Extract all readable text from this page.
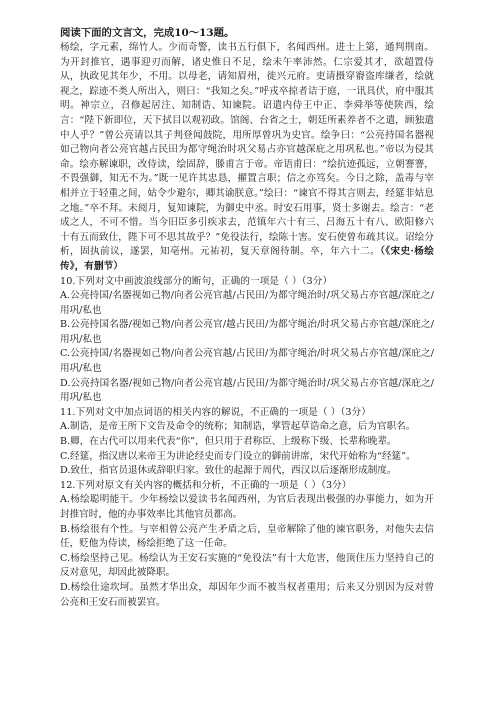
阅读下面的文言文，完成10～13题。

杨绘，字元素，绵竹人。少而奇警，读书五行俱下，名闻西州。进士上第，通判荆南。为开封推官，遇事迎刃而解，诸史惟日不足，绘未午率沛然。仁宗爱其才，欲超置侍从，执政见其年少，不用。以母老，请知眉州，徙兴元府。吏请摄穿窬盗库缣者，绘就视之，踪迹不类人所出入，则曰：“我知之矣。”呼戎卒掠者诘于庭，一讯具伏，府中服其明。神宗立，召修起居注、知制诰、知谏院。诏遣内侍王中正、李舜举等使陕西，绘言：“陛下新即位，天下拭目以观初政。馆阁、台省之士，朝廷所素养者不之遣，顾独遣中人乎？”曾公亮请以其子判登闻鼓院，用所厚曾巩为史官。绘争曰：“公亮持国名器视如己物向者公亮官越占民田为都守绳治时巩父易占亦官越深庇之用巩私也。”帝以为侵其命。绘亦解谏职，改侍读，绘固辞，滕甫言于帝。帝语甫曰：“绘抗迹孤远，立朝謇謇，不畏强御，知无不为。”既一见许其忠恳，擢置言职；信之亦笃矣。今日之除，盖毒与宰相并立于轻重之间，姑令少避尔，卿其谕朕意。”绘曰：“谏官不得其言则去，经筵非姑息之地。”卒不拜。未阅月，复知谏院，为御史中丞。时安石用事，贤士多谢去。绘言：“老成之人，不可不惜。当今旧臣多引疾求去，范镇年六十有三、吕海五十有八、欧阳修六十有五而致仕，陛下可不思其故乎？”免役法行，绘陈十害。安石使曾布疏其议。诏绘分析，固执前议，遂罢，知亳州。元祐初，复天章阁待制。卒，年六十二。（《宋史·杨绘传》，有删节）

10.下列对文中画波浪线部分的断句，正确的一项是（ ）（3分）

A.公亮持国/名器视如己物/向者公亮官越/占民田/为都守绳治时/巩父易占亦官越/深庇之/用巩/私也

B.公亮持国名器/视如己物/向者公亮官/越占民田/为都守绳治/时巩父易占亦官越/深庇之/用巩/私也

C.公亮持国/名器视如己物/向者公亮官越/占民田/为都守绳治/时巩父易占亦官越/深庇之/用巩/私也

D.公亮持国名器/视如己物/向者公亮官越/占民田/为都守绳治时/巩父易占亦官越/深庇之/用巩/私也

11.下列对文中加点词语的相关内容的解说，不正确的一项是（ ）（3分）

A.制诰，是帝王所下文告及命令的统称；知制诰，掌管起草诰命之意，后为官职名。

B.卿，在古代可以用来代表“你”，但只用于君称臣、上级称下级、长辈称晚辈。

C.经筵，指汉唐以来帝王为讲论经史而专门设立的御前讲席，宋代开始称为“经筵”。

D.致仕，指官员退休或辞职归家。致仕的起源于周代，西汉以后逐渐形成制度。

12.下列对原文有关内容的概括和分析，不正确的一项是（ ）（3分）

A.杨绘聪明能干。少年杨绘以爱读书名闻西州，为官后表现出极强的办事能力，如为开封推官时，他的办事效率比其他官员都高。

B.杨绘很有个性。与宰相曾公亮产生矛盾之后，皇帝解除了他的谏官职务，对他失去信任，贬他为侍读，杨绘拒绝了这一任命。

C.杨绘坚持己见。杨绘认为王安石实施的“免役法”有十大危害，他顶住压力坚持自己的反对意见，却因此被降职。

D.杨绘仕途坎坷。虽然才华出众，却因年少而不被当权者重用；后来又分别因为反对曾公亮和王安石而被罢官。
